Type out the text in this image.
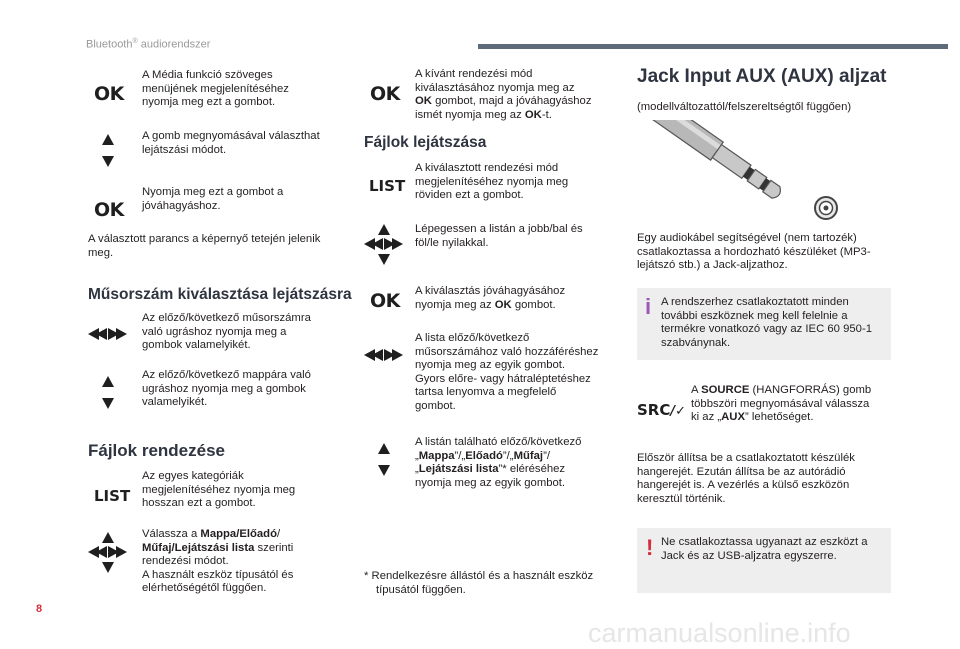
Bluetooth® audiorendszer
OK
A Média funkció szöveges
menüjének megjelenítéséhez
nyomja meg ezt a gombot.
A gomb megnyomásával választhat
lejátszási módot.
OK
Nyomja meg ezt a gombot a
jóváhagyáshoz.
A választott parancs a képernyő tetején jelenik
meg.
Műsorszám kiválasztása lejátszásra
Az előző/következő műsorszámra
való ugráshoz nyomja meg a
gombok valamelyikét.
Az előző/következő mappára való
ugráshoz nyomja meg a gombok
valamelyikét.
Fájlok rendezése
LIST
Az egyes kategóriák
megjelenítéséhez nyomja meg
hosszan ezt a gombot.
Válassza a Mappa/Előadó/
Műfaj/Lejátszási lista szerinti
rendezési módot.
A használt eszköz típusától és
elérhetőségétől függően.
OK
A kívánt rendezési mód
kiválasztásához nyomja meg az
OK gombot, majd a jóváhagyáshoz
ismét nyomja meg az OK-t.
Fájlok lejátszása
LIST
A kiválasztott rendezési mód
megjelenítéséhez nyomja meg
röviden ezt a gombot.
Lépegessen a listán a jobb/bal és
föl/le nyilakkal.
OK A kiválasztás jóváhagyásához
nyomja meg az OK gombot.
A lista előző/következő
műsorszámához való hozzáféréshez
nyomja meg az egyik gombot.
Gyors előre- vagy hátraléptetéshez
tartsa lenyomva a megfelelő
gombot.
A listán található előző/következő
„Mappa”/„Előadó”/„Műfaj”/
„Lejátszási lista”* eléréséhez
nyomja meg az egyik gombot.
* Rendelkezésre állástól és a használt eszköz
típusától függően.
Jack Input AUX (AUX) aljzat
(modellváltozattól/felszereltségtől függően)
Egy audiokábel segítségével (nem tartozék)
csatlakoztassa a hordozható készüléket (MP3-
lejátszó stb.) a Jack-aljzathoz.
i A rendszerhez csatlakoztatott minden
további eszköznek meg kell felelnie a
termékre vonatkozó vagy az IEC 60 950-1
szabványnak.
SRC/✓
A SOURCE (HANGFORRÁS) gomb
többszöri megnyomásával válassza
ki az „AUX” lehetőséget.
Először állítsa be a csatlakoztatott készülék
hangerejét. Ezután állítsa be az autórádió
hangerejét is. A vezérlés a külső eszközön
keresztül történik.
! Ne csatlakoztassa ugyanazt az eszközt a
Jack és az USB-aljzatra egyszerre.
8
carmanualsonline.info
